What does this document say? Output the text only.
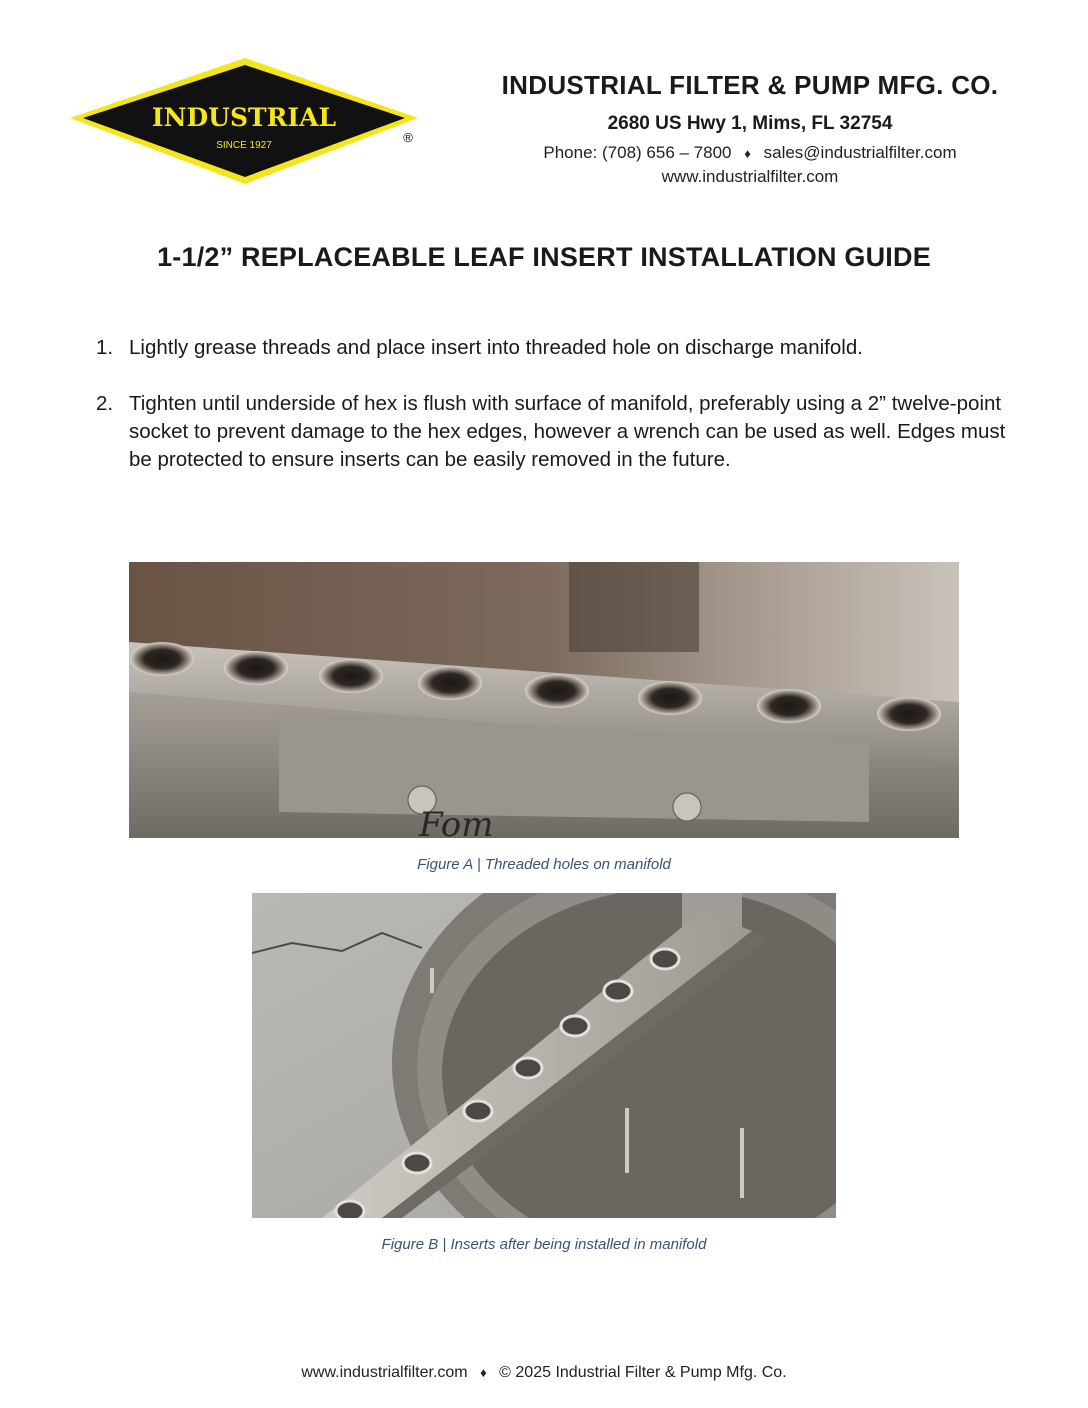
INDUSTRIAL
SINCE 1927
®
INDUSTRIAL FILTER & PUMP MFG. CO.
2680 US Hwy 1, Mims, FL 32754
Phone: (708) 656 – 7800 ♦ sales@industrialfilter.com
www.industrialfilter.com
1-1/2” REPLACEABLE LEAF INSERT INSTALLATION GUIDE
1. Lightly grease threads and place insert into threaded hole on discharge manifold.
2. Tighten until underside of hex is flush with surface of manifold, preferably using a 2” twelve-point socket to prevent damage to the hex edges, however a wrench can be used as well. Edges must be protected to ensure inserts can be easily removed in the future.
Fom
Figure A | Threaded holes on manifold
Figure B | Inserts after being installed in manifold
www.industrialfilter.com ♦ © 2025 Industrial Filter & Pump Mfg. Co.
